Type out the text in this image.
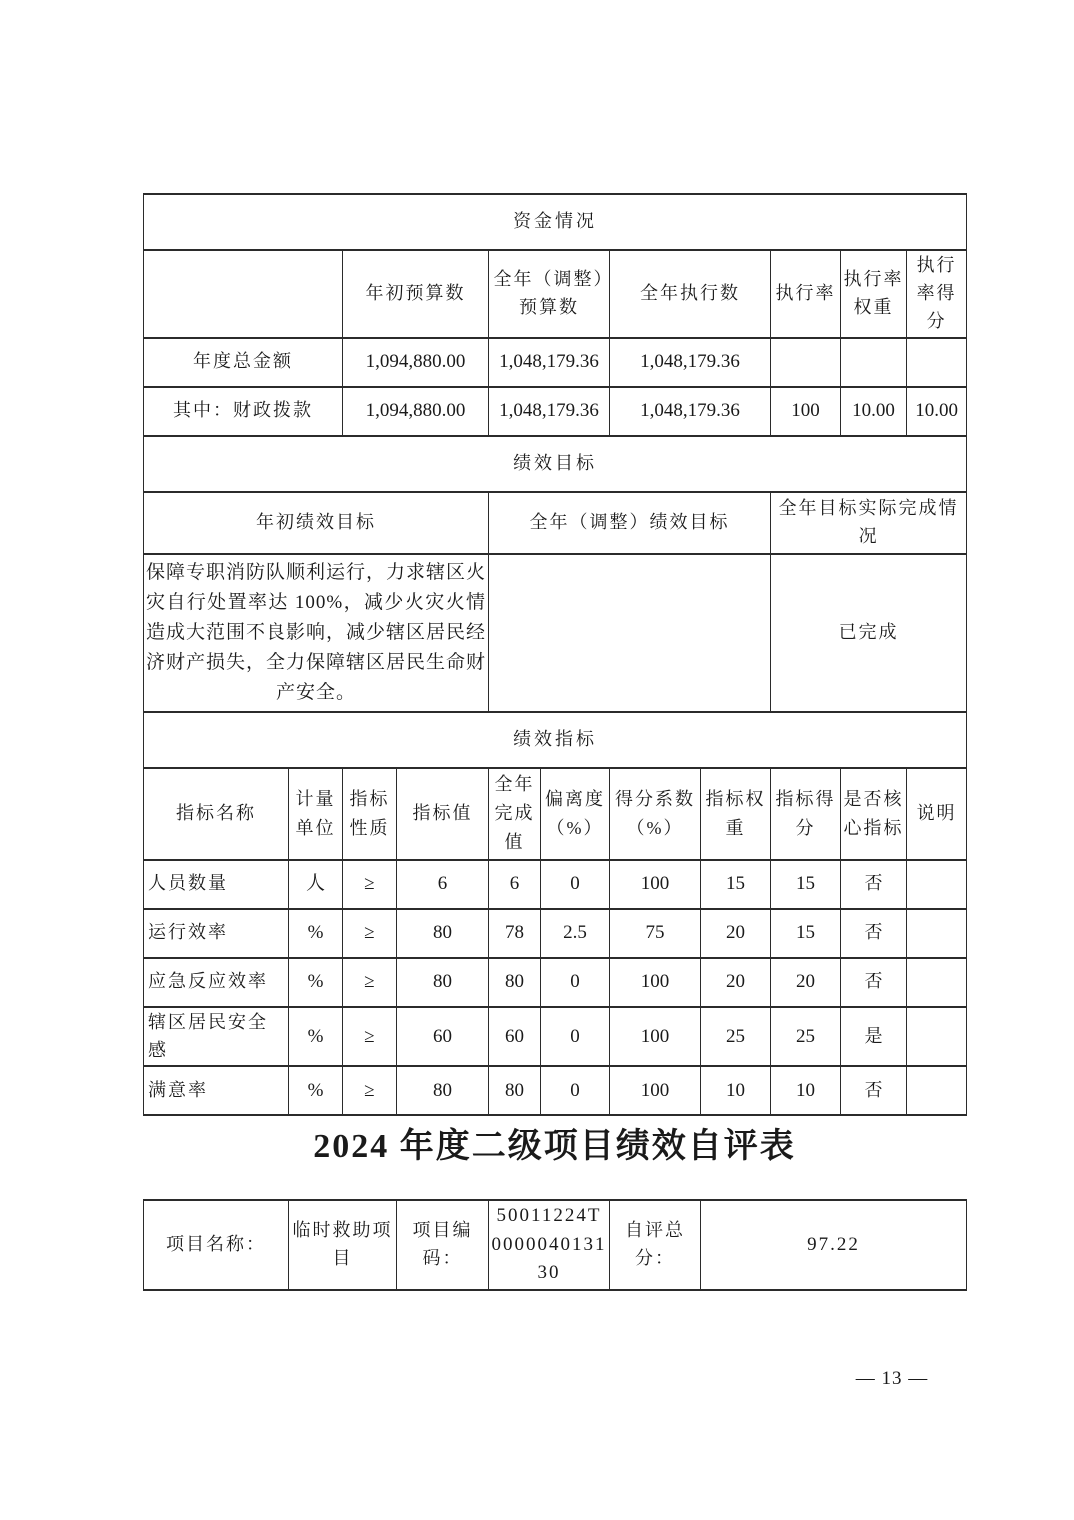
资金情况										
		年初预算数		全年（调整）预算数		全年执行数		执行率	执行率权重	执行率得分
年度总金额		1,094,880.00		1,048,179.36		1,048,179.36				
其中：财政拨款		1,094,880.00		1,048,179.36		1,048,179.36		100	10.00	10.00
绩效目标										
年初绩效目标				全年（调整）绩效目标				全年目标实际完成情况		
保障专职消防队顺利运行，力求辖区火灾自行处置率达 100%，减少火灾火情造成大范围不良影响，减少辖区居民经济财产损失，全力保障辖区居民生命财产安全。								已完成		
绩效指标										
指标名称	计量单位	指标性质	指标值	全年完成值	偏离度（%）	得分系数（%）	指标权重	指标得分	是否核心指标	说明
人员数量	人	≥	6	6	0	100	15	15	否	
运行效率	%	≥	80	78	2.5	75	20	15	否	
应急反应效率	%	≥	80	80	0	100	20	20	否	
辖区居民安全感	%	≥	60	60	0	100	25	25	是	
满意率	%	≥	80	80	0	100	10	10	否	
2024 年度二级项目绩效自评表
项目名称：	临时救助项目	项目编码：	50011224T000004013130	自评总分：	97.22
— 13 —
